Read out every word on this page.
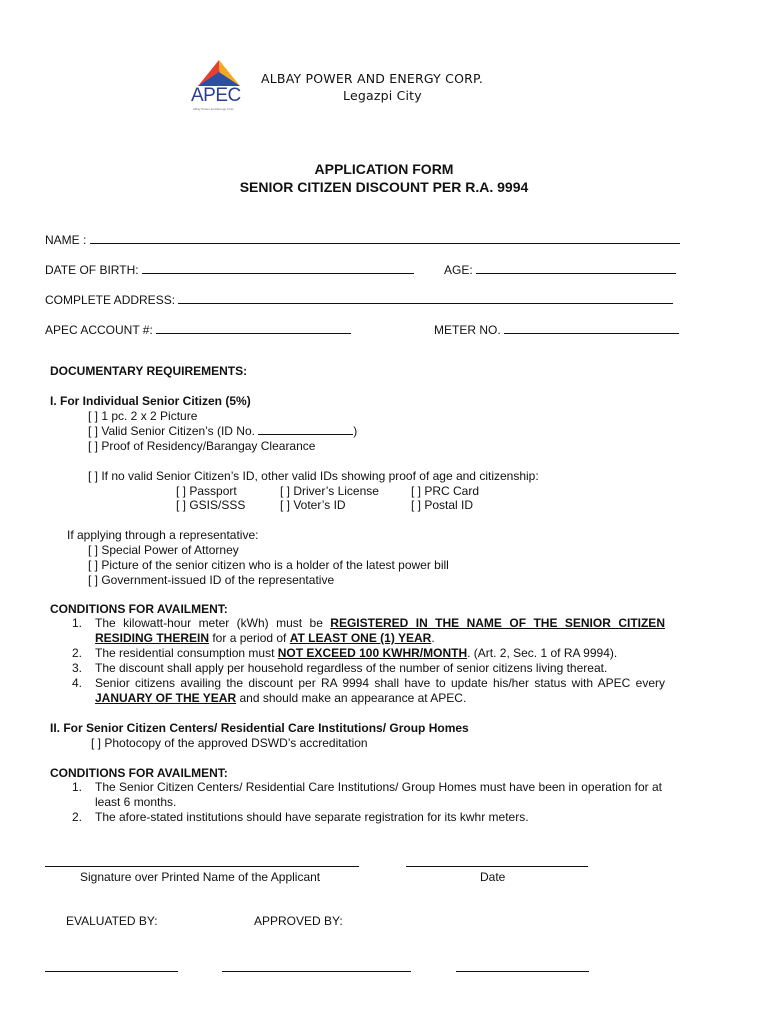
APEC
Albay Power and Energy Corp.
ALBAY POWER AND ENERGY CORP.
Legazpi City
APPLICATION FORM
SENIOR CITIZEN DISCOUNT PER R.A. 9994
NAME :
DATE OF BIRTH:	AGE:
COMPLETE ADDRESS:
APEC ACCOUNT #:	METER NO.
DOCUMENTARY REQUIREMENTS:
I. For Individual Senior Citizen (5%)
[ ] 1 pc. 2 x 2 Picture
[ ] Valid Senior Citizen’s (ID No.	)
[ ] Proof of Residency/Barangay Clearance
[ ] If no valid Senior Citizen’s ID, other valid IDs showing proof of age and citizenship:
[ ] Passport	[ ] Driver’s License	[ ] PRC Card
[ ] GSIS/SSS	[ ] Voter’s ID	[ ] Postal ID
If applying through a representative:
[ ] Special Power of Attorney
[ ] Picture of the senior citizen who is a holder of the latest power bill
[ ] Government-issued ID of the representative
CONDITIONS FOR AVAILMENT:
1. The kilowatt-hour meter (kWh) must be REGISTERED IN THE NAME OF THE SENIOR CITIZEN RESIDING THEREIN for a period of AT LEAST ONE (1) YEAR.
2. The residential consumption must NOT EXCEED 100 KWHR/MONTH. (Art. 2, Sec. 1 of RA 9994).
3. The discount shall apply per household regardless of the number of senior citizens living thereat.
4. Senior citizens availing the discount per RA 9994 shall have to update his/her status with APEC every JANUARY OF THE YEAR and should make an appearance at APEC.
II. For Senior Citizen Centers/ Residential Care Institutions/ Group Homes
[ ] Photocopy of the approved DSWD’s accreditation
CONDITIONS FOR AVAILMENT:
1. The Senior Citizen Centers/ Residential Care Institutions/ Group Homes must have been in operation for at least 6 months.
2. The afore-stated institutions should have separate registration for its kwhr meters.
Signature over Printed Name of the Applicant	Date
EVALUATED BY:	APPROVED BY:
